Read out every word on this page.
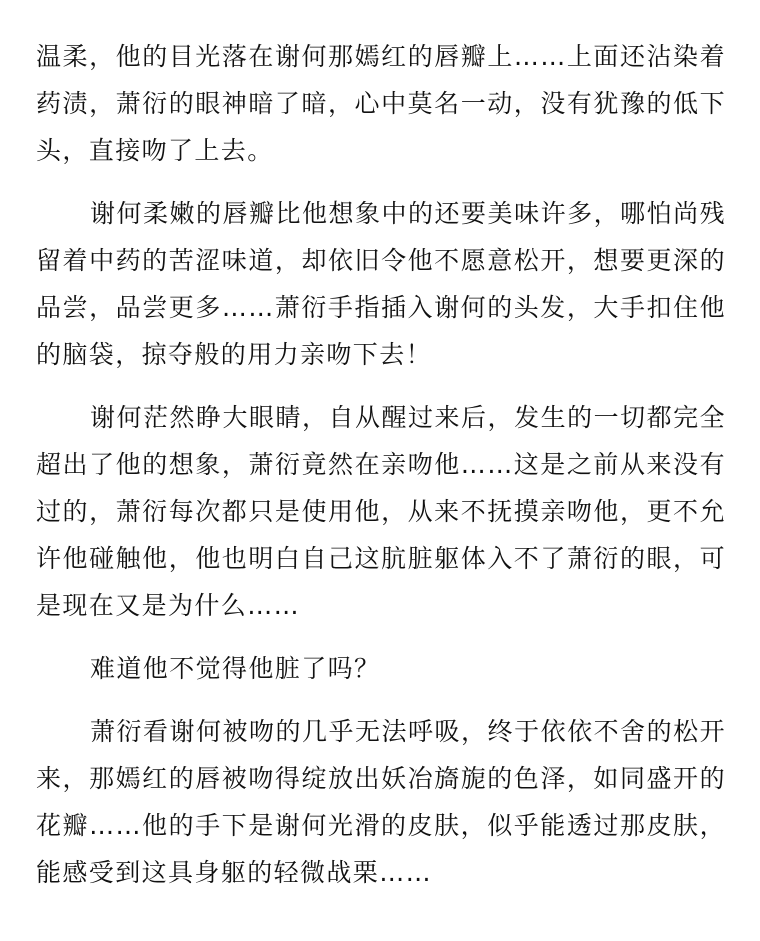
温柔，他的目光落在谢何那嫣红的唇瓣上……上面还沾染着药渍，萧衍的眼神暗了暗，心中莫名一动，没有犹豫的低下头，直接吻了上去。

谢何柔嫩的唇瓣比他想象中的还要美味许多，哪怕尚残留着中药的苦涩味道，却依旧令他不愿意松开，想要更深的品尝，品尝更多……萧衍手指插入谢何的头发，大手扣住他的脑袋，掠夺般的用力亲吻下去！

谢何茫然睁大眼睛，自从醒过来后，发生的一切都完全超出了他的想象，萧衍竟然在亲吻他……这是之前从来没有过的，萧衍每次都只是使用他，从来不抚摸亲吻他，更不允许他碰触他，他也明白自己这肮脏躯体入不了萧衍的眼，可是现在又是为什么……

难道他不觉得他脏了吗？

萧衍看谢何被吻的几乎无法呼吸，终于依依不舍的松开来，那嫣红的唇被吻得绽放出妖冶旖旎的色泽，如同盛开的花瓣……他的手下是谢何光滑的皮肤，似乎能透过那皮肤，能感受到这具身躯的轻微战栗……
